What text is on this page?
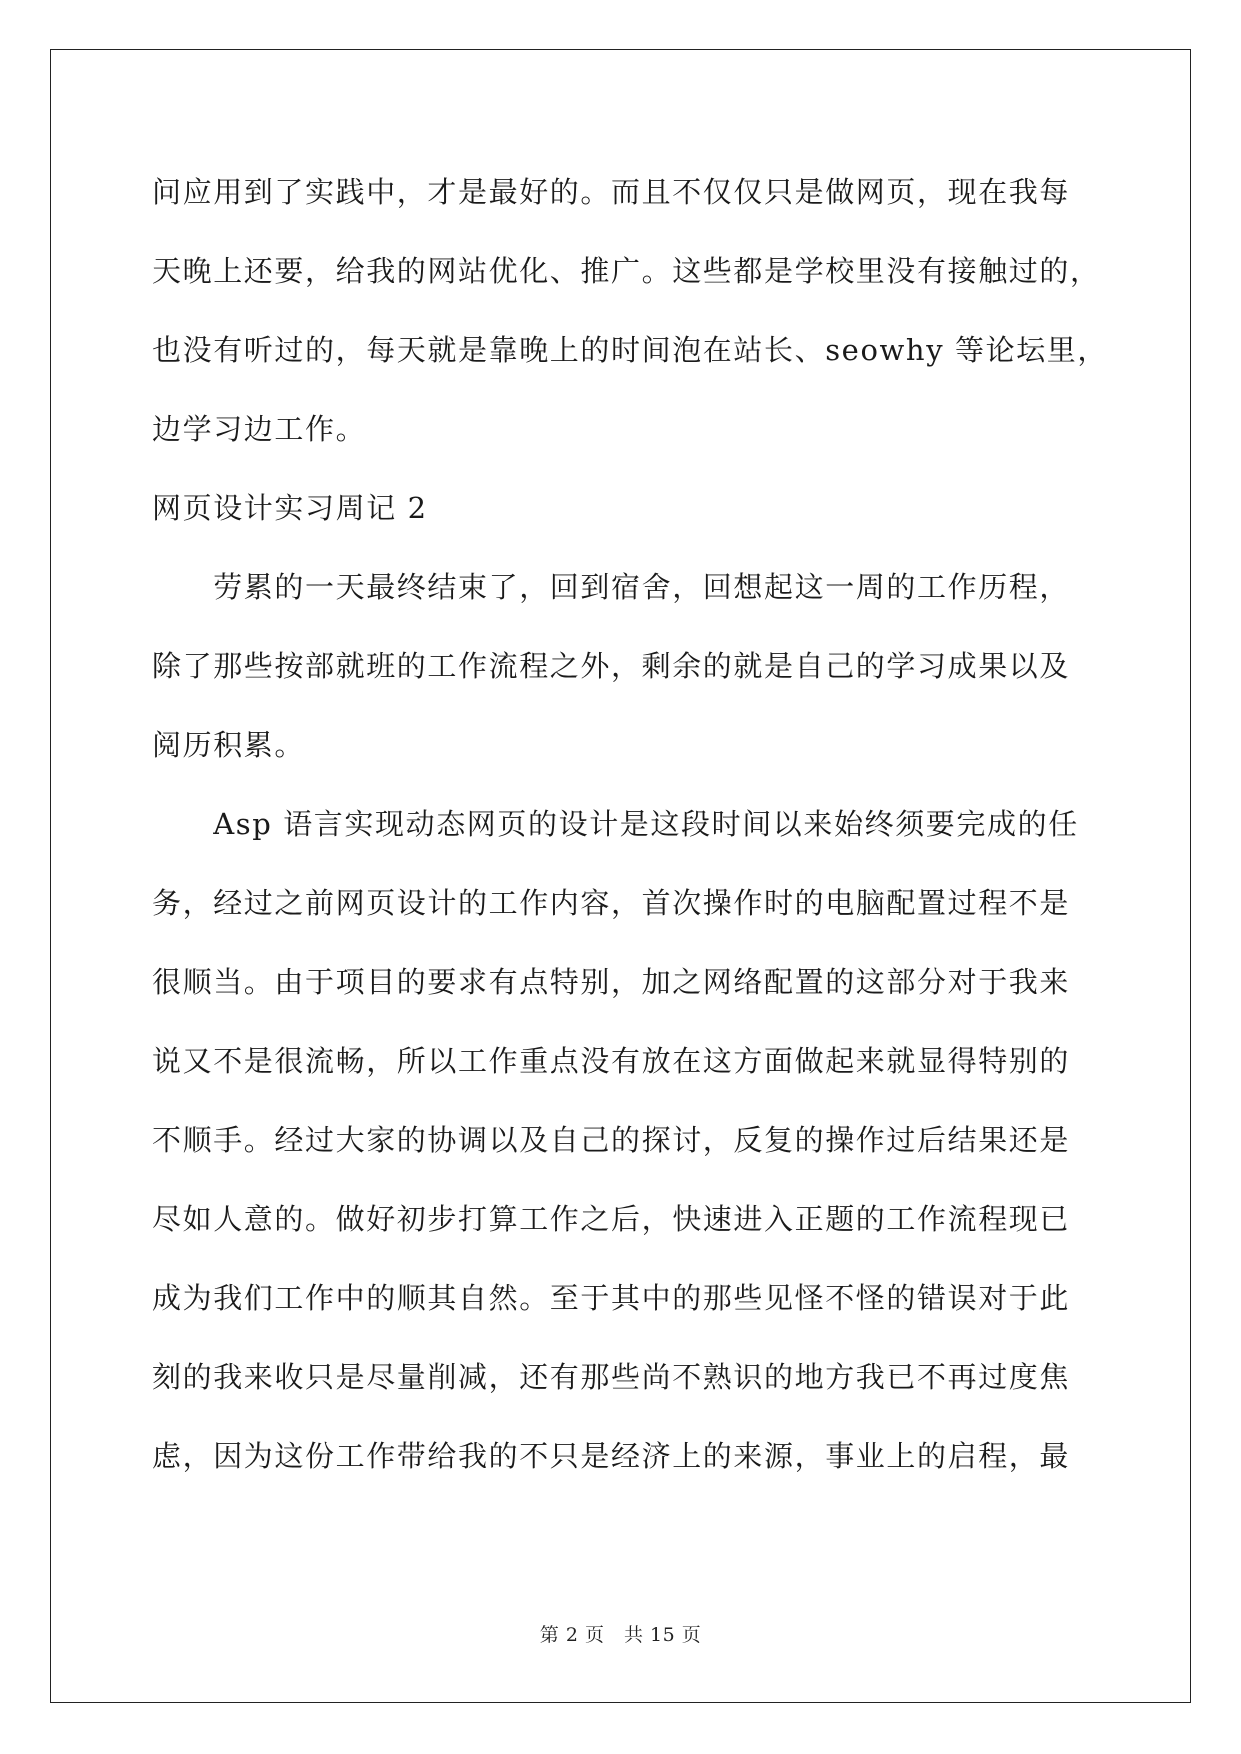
问应用到了实践中，才是最好的。而且不仅仅只是做网页，现在我每
天晚上还要，给我的网站优化、推广。这些都是学校里没有接触过的，
也没有听过的，每天就是靠晚上的时间泡在站长、seowhy 等论坛里，
边学习边工作。
网页设计实习周记 2
　　劳累的一天最终结束了，回到宿舍，回想起这一周的工作历程，
除了那些按部就班的工作流程之外，剩余的就是自己的学习成果以及
阅历积累。
　　Asp 语言实现动态网页的设计是这段时间以来始终须要完成的任
务，经过之前网页设计的工作内容，首次操作时的电脑配置过程不是
很顺当。由于项目的要求有点特别，加之网络配置的这部分对于我来
说又不是很流畅，所以工作重点没有放在这方面做起来就显得特别的
不顺手。经过大家的协调以及自己的探讨，反复的操作过后结果还是
尽如人意的。做好初步打算工作之后，快速进入正题的工作流程现已
成为我们工作中的顺其自然。至于其中的那些见怪不怪的错误对于此
刻的我来收只是尽量削减，还有那些尚不熟识的地方我已不再过度焦
虑，因为这份工作带给我的不只是经济上的来源，事业上的启程，最
第 2 页　共 15 页
